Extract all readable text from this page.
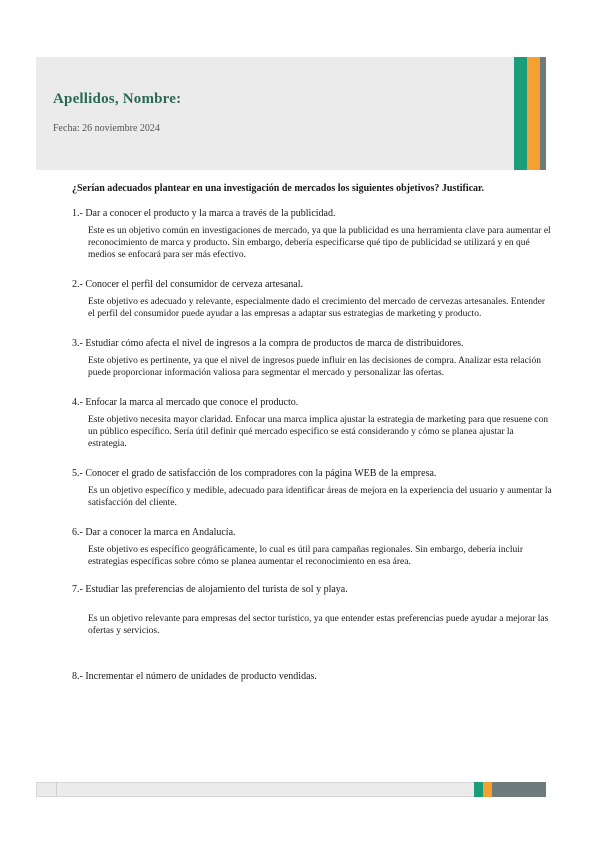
Apellidos, Nombre:
Fecha: 26 noviembre 2024
¿Serían adecuados plantear en una investigación de mercados los siguientes objetivos? Justificar.
1.- Dar a conocer el producto y la marca a través de la publicidad.
Este es un objetivo común en investigaciones de mercado, ya que la publicidad es una herramienta clave para aumentar el reconocimiento de marca y producto. Sin embargo, debería especificarse qué tipo de publicidad se utilizará y en qué medios se enfocará para ser más efectivo.
2.- Conocer el perfil del consumidor de cerveza artesanal.
Este objetivo es adecuado y relevante, especialmente dado el crecimiento del mercado de cervezas artesanales. Entender el perfil del consumidor puede ayudar a las empresas a adaptar sus estrategias de marketing y producto.
3.- Estudiar cómo afecta el nivel de ingresos a la compra de productos de marca de distribuidores.
Este objetivo es pertinente, ya que el nivel de ingresos puede influir en las decisiones de compra. Analizar esta relación puede proporcionar información valiosa para segmentar el mercado y personalizar las ofertas.
4.- Enfocar la marca al mercado que conoce el producto.
Este objetivo necesita mayor claridad. Enfocar una marca implica ajustar la estrategia de marketing para que resuene con un público específico. Sería útil definir qué mercado específico se está considerando y cómo se planea ajustar la estrategia.
5.- Conocer el grado de satisfacción de los compradores con la página WEB de la empresa.
Es un objetivo específico y medible, adecuado para identificar áreas de mejora en la experiencia del usuario y aumentar la satisfacción del cliente.
6.- Dar a conocer la marca en Andalucía.
Este objetivo es específico geográficamente, lo cual es útil para campañas regionales. Sin embargo, debería incluir estrategias específicas sobre cómo se planea aumentar el reconocimiento en esa área.
7.- Estudiar las preferencias de alojamiento del turista de sol y playa.
Es un objetivo relevante para empresas del sector turístico, ya que entender estas preferencias puede ayudar a mejorar las ofertas y servicios.
8.- Incrementar el número de unidades de producto vendidas.
